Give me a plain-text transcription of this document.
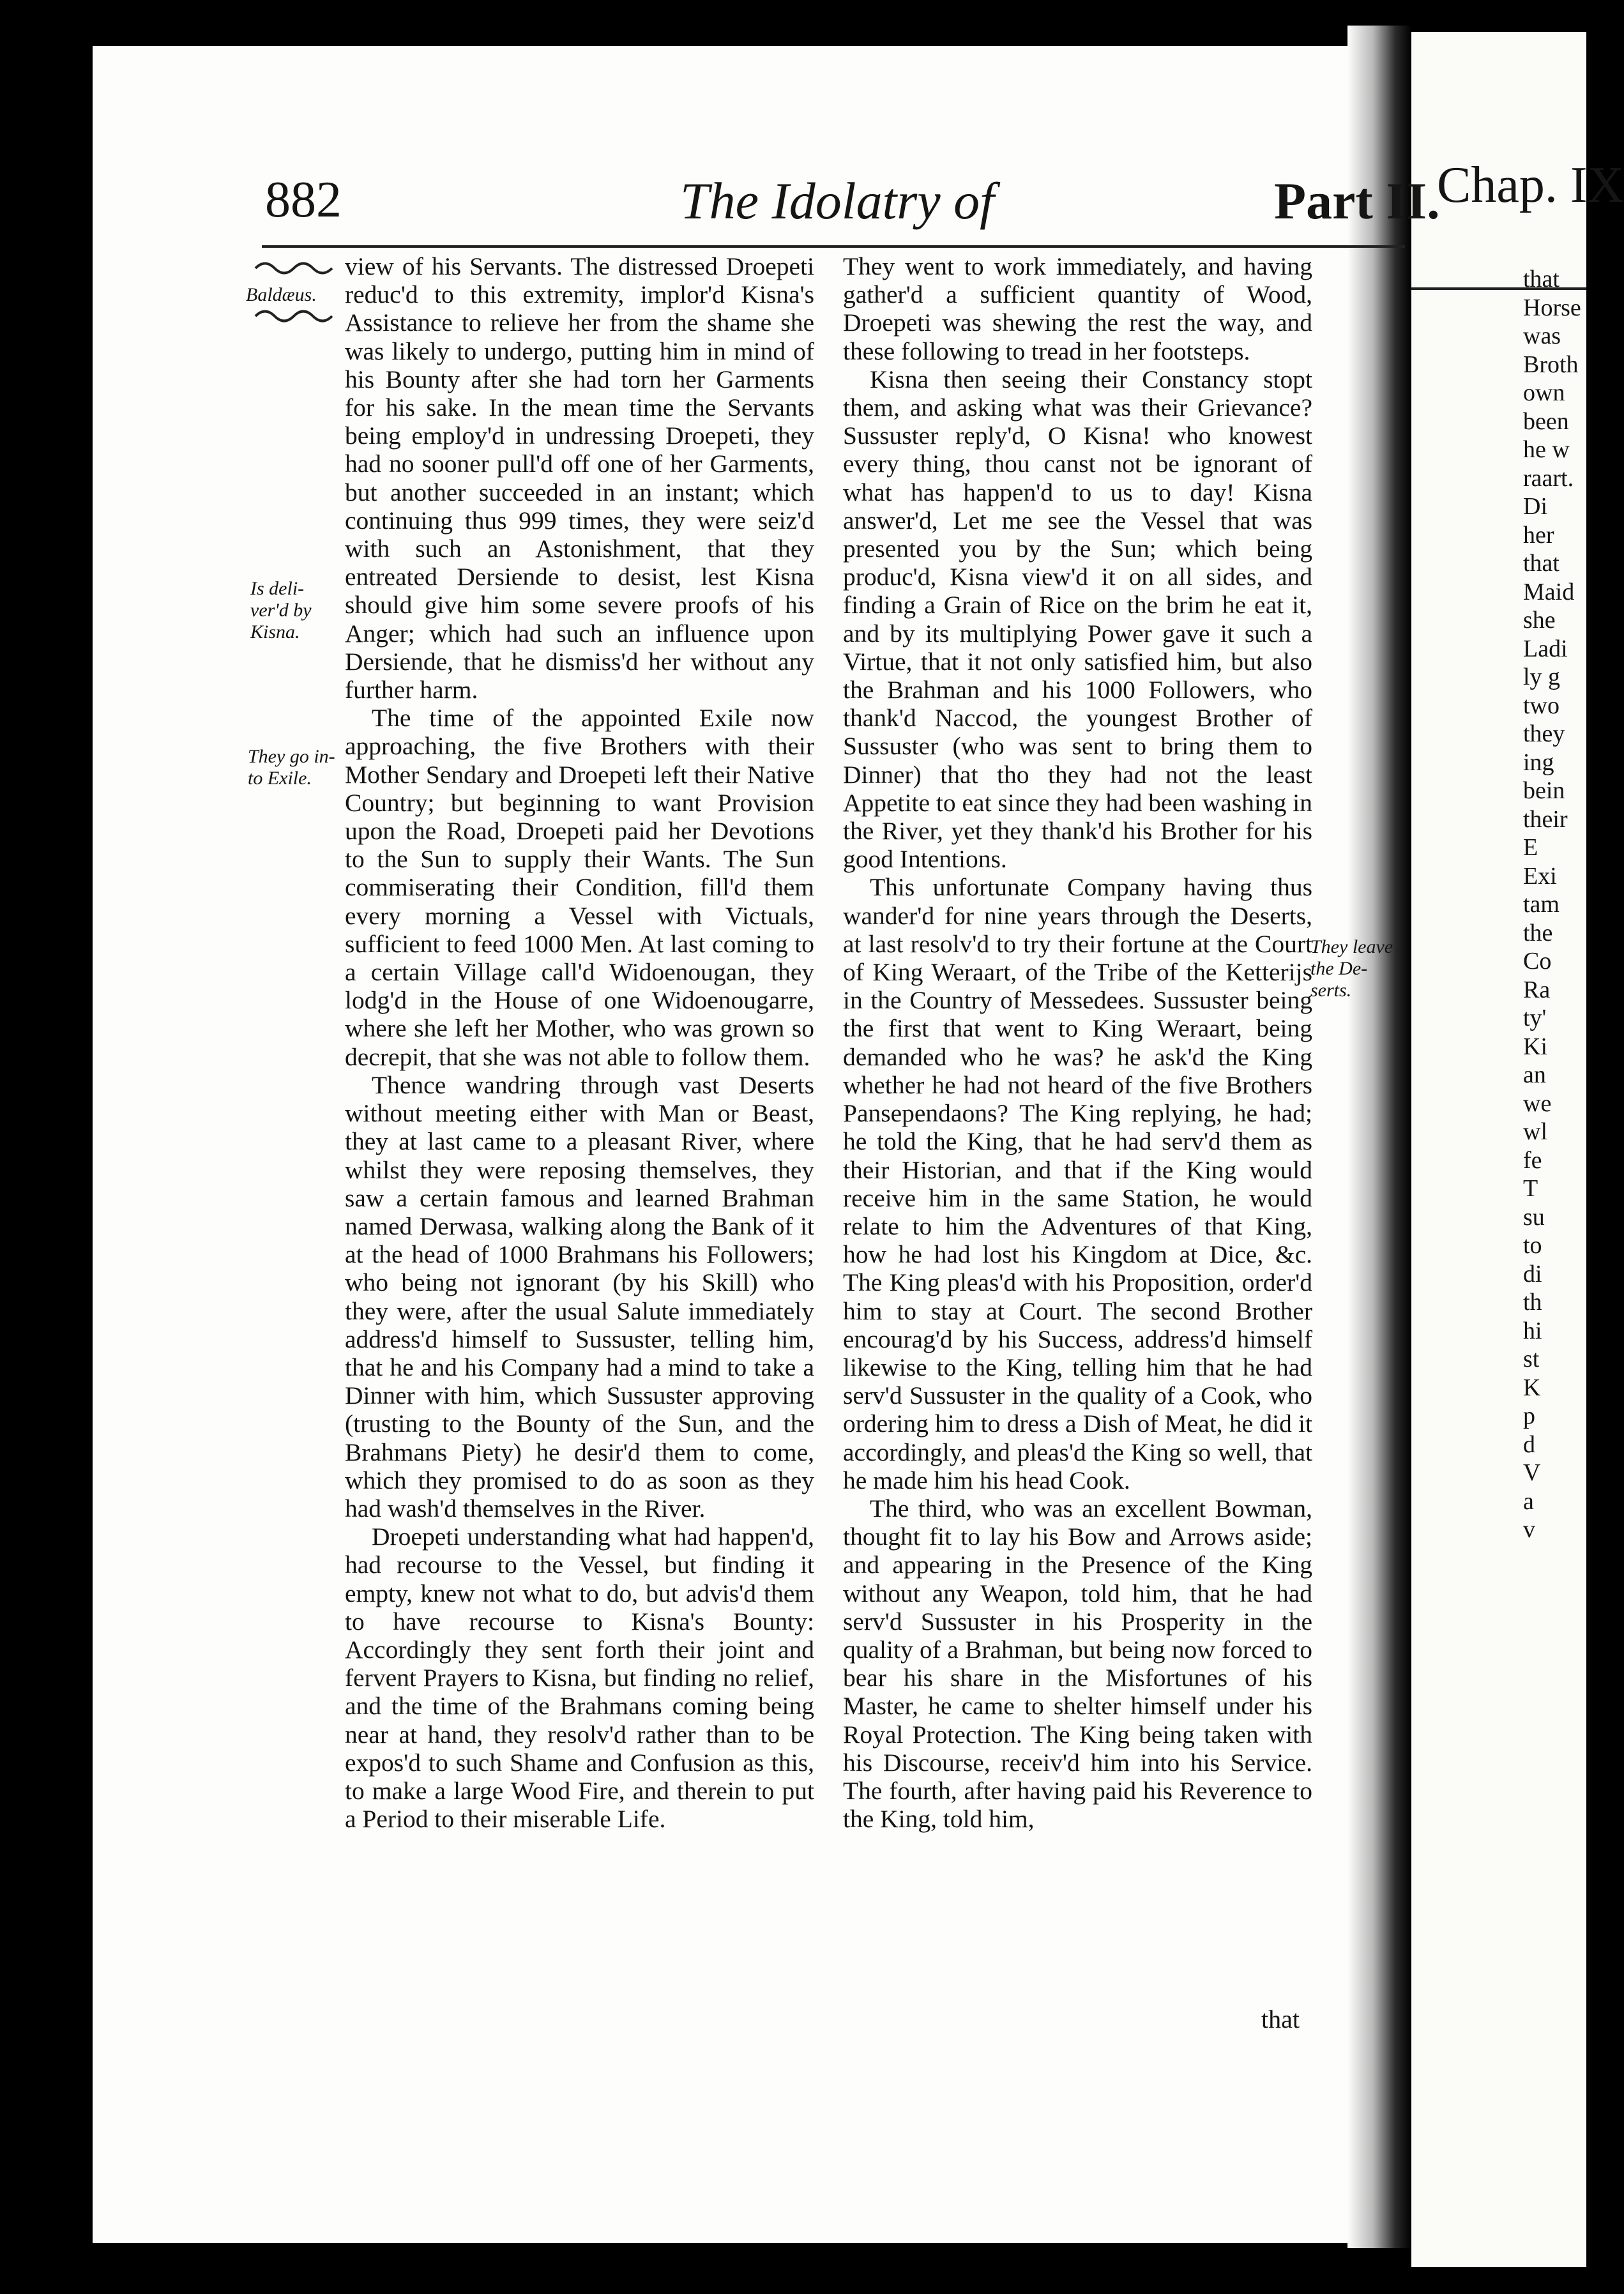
Chap. IX
that
Horse
was
Broth
own
been
he w
raart.
Di
her
that
Maid
she
Ladi
ly g
two
they
ing
bein
their
E
Exi
tam
the
Co
Ra
ty'
Ki
an
we
wl
fe
T
su
to
di
th
hi
st
K
p
d
V
a
v
882	The Idolatry of	Part II.
Baldæus.
Is deli-
ver'd by
Kisna.
They go in-
to Exile.
They leave
the De-
serts.

view of his Servants. The distressed Droepeti reduc'd to this extremity, implor'd Kisna's Assistance to relieve her from the shame she was likely to undergo, putting him in mind of his Bounty after she had torn her Garments for his sake. In the mean time the Servants being employ'd in undressing Droepeti, they had no sooner pull'd off one of her Garments, but another succeeded in an instant; which continuing thus 999 times, they were seiz'd with such an Astonishment, that they entreated Dersiende to desist, lest Kisna should give him some severe proofs of his Anger; which had such an influence upon Dersiende, that he dismiss'd her without any further harm.

The time of the appointed Exile now approaching, the five Brothers with their Mother Sendary and Droepeti left their Native Country; but beginning to want Provision upon the Road, Droepeti paid her Devotions to the Sun to supply their Wants. The Sun commiserating their Condition, fill'd them every morning a Vessel with Victuals, sufficient to feed 1000 Men. At last coming to a certain Village call'd Widoenougan, they lodg'd in the House of one Widoenougarre, where she left her Mother, who was grown so decrepit, that she was not able to follow them.

Thence wandring through vast Deserts without meeting either with Man or Beast, they at last came to a pleasant River, where whilst they were reposing themselves, they saw a certain famous and learned Brahman named Derwasa, walking along the Bank of it at the head of 1000 Brahmans his Followers; who being not ignorant (by his Skill) who they were, after the usual Salute immediately address'd himself to Sussuster, telling him, that he and his Company had a mind to take a Dinner with him, which Sussuster approving (trusting to the Bounty of the Sun, and the Brahmans Piety) he desir'd them to come, which they promised to do as soon as they had wash'd themselves in the River.

Droepeti understanding what had happen'd, had recourse to the Vessel, but finding it empty, knew not what to do, but advis'd them to have recourse to Kisna's Bounty: Accordingly they sent forth their joint and fervent Prayers to Kisna, but finding no relief, and the time of the Brahmans coming being near at hand, they resolv'd rather than to be expos'd to such Shame and Confusion as this, to make a large Wood Fire, and therein to put a Period to their miserable Life.

They went to work immediately, and having gather'd a sufficient quantity of Wood, Droepeti was shewing the rest the way, and these following to tread in her footsteps.

Kisna then seeing their Constancy stopt them, and asking what was their Grievance? Sussuster reply'd, O Kisna! who knowest every thing, thou canst not be ignorant of what has happen'd to us to day! Kisna answer'd, Let me see the Vessel that was presented you by the Sun; which being produc'd, Kisna view'd it on all sides, and finding a Grain of Rice on the brim he eat it, and by its multiplying Power gave it such a Virtue, that it not only satisfied him, but also the Brahman and his 1000 Followers, who thank'd Naccod, the youngest Brother of Sussuster (who was sent to bring them to Dinner) that tho they had not the least Appetite to eat since they had been washing in the River, yet they thank'd his Brother for his good Intentions.

This unfortunate Company having thus wander'd for nine years through the Deserts, at last resolv'd to try their fortune at the Court of King Weraart, of the Tribe of the Ketterijs in the Country of Messedees. Sussuster being the first that went to King Weraart, being demanded who he was? he ask'd the King whether he had not heard of the five Brothers Pansependaons? The King replying, he had; he told the King, that he had serv'd them as their Historian, and that if the King would receive him in the same Station, he would relate to him the Adventures of that King, how he had lost his Kingdom at Dice, &c. The King pleas'd with his Proposition, order'd him to stay at Court. The second Brother encourag'd by his Success, address'd himself likewise to the King, telling him that he had serv'd Sussuster in the quality of a Cook, who ordering him to dress a Dish of Meat, he did it accordingly, and pleas'd the King so well, that he made him his head Cook.

The third, who was an excellent Bowman, thought fit to lay his Bow and Arrows aside; and appearing in the Presence of the King without any Weapon, told him, that he had serv'd Sussuster in his Prosperity in the quality of a Brahman, but being now forced to bear his share in the Misfortunes of his Master, he came to shelter himself under his Royal Protection. The King being taken with his Discourse, receiv'd him into his Service. The fourth, after having paid his Reverence to the King, told him,

that
